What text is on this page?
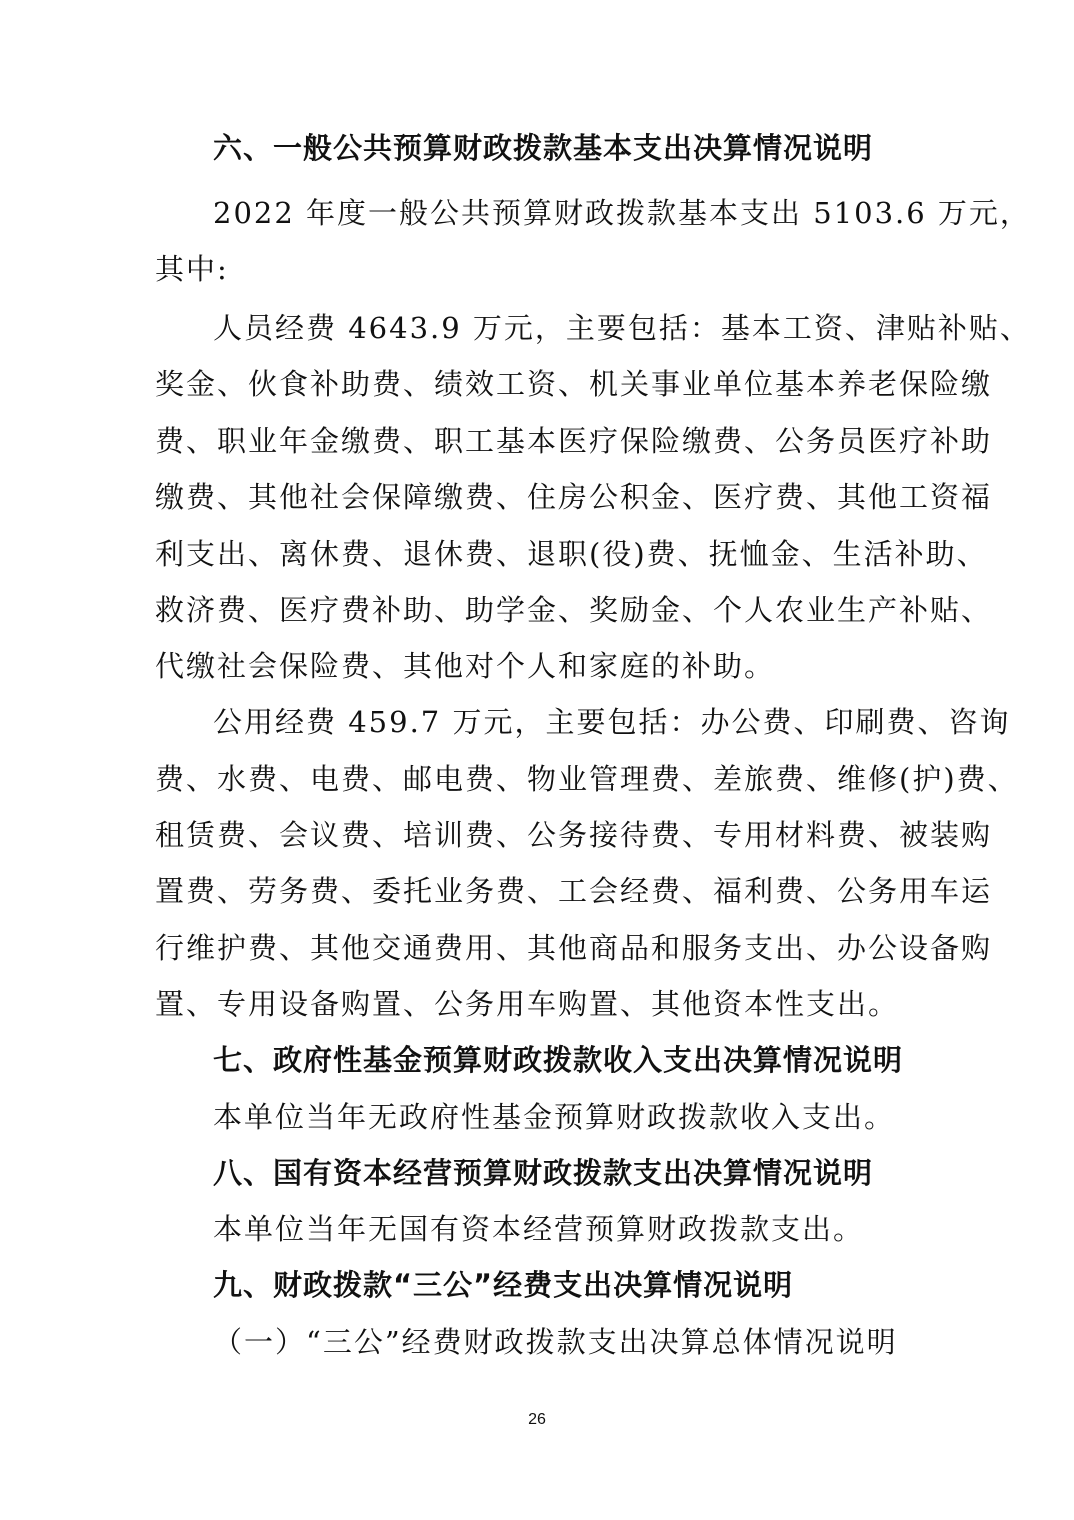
六、一般公共预算财政拨款基本支出决算情况说明
2022 年度一般公共预算财政拨款基本支出 5103.6 万元，
其中:
人员经费 4643.9 万元，主要包括：基本工资、津贴补贴、
奖金、伙食补助费、绩效工资、机关事业单位基本养老保险缴
费、职业年金缴费、职工基本医疗保险缴费、公务员医疗补助
缴费、其他社会保障缴费、住房公积金、医疗费、其他工资福
利支出、离休费、退休费、退职(役)费、抚恤金、生活补助、
救济费、医疗费补助、助学金、奖励金、个人农业生产补贴、
代缴社会保险费、其他对个人和家庭的补助。
公用经费 459.7 万元，主要包括：办公费、印刷费、咨询
费、水费、电费、邮电费、物业管理费、差旅费、维修(护)费、
租赁费、会议费、培训费、公务接待费、专用材料费、被装购
置费、劳务费、委托业务费、工会经费、福利费、公务用车运
行维护费、其他交通费用、其他商品和服务支出、办公设备购
置、专用设备购置、公务用车购置、其他资本性支出。
七、政府性基金预算财政拨款收入支出决算情况说明
本单位当年无政府性基金预算财政拨款收入支出。
八、国有资本经营预算财政拨款支出决算情况说明
本单位当年无国有资本经营预算财政拨款支出。
九、财政拨款“三公”经费支出决算情况说明
（一）“三公”经费财政拨款支出决算总体情况说明
26
